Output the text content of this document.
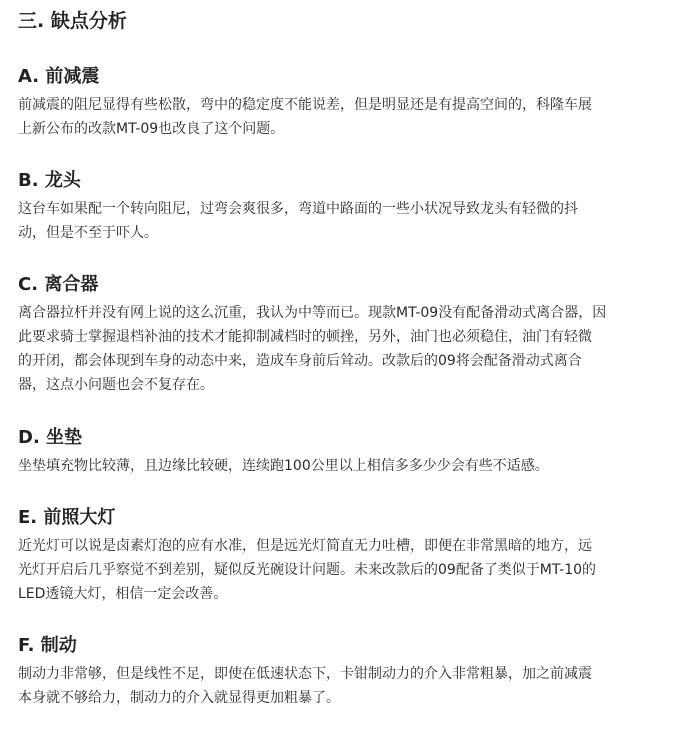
三. 缺点分析
A. 前减震

前减震的阻尼显得有些松散，弯中的稳定度不能说差，但是明显还是有提高空间的，科隆车展
上新公布的改款MT-09也改良了这个问题。

B. 龙头

这台车如果配一个转向阻尼，过弯会爽很多，弯道中路面的一些小状况导致龙头有轻微的抖
动，但是不至于吓人。

C. 离合器

离合器拉杆并没有网上说的这么沉重，我认为中等而已。现款MT-09没有配备滑动式离合器，因
此要求骑士掌握退档补油的技术才能抑制减档时的顿挫，另外，油门也必须稳住，油门有轻微
的开闭，都会体现到车身的动态中来，造成车身前后耸动。改款后的09将会配备滑动式离合
器，这点小问题也会不复存在。

D. 坐垫

坐垫填充物比较薄，且边缘比较硬，连续跑100公里以上相信多多少少会有些不适感。

E. 前照大灯

近光灯可以说是卤素灯泡的应有水准，但是远光灯简直无力吐槽，即便在非常黑暗的地方，远
光灯开启后几乎察觉不到差别，疑似反光碗设计问题。未来改款后的09配备了类似于MT-10的
LED透镜大灯，相信一定会改善。

F. 制动

制动力非常够，但是线性不足，即使在低速状态下，卡钳制动力的介入非常粗暴，加之前减震
本身就不够给力，制动力的介入就显得更加粗暴了。
